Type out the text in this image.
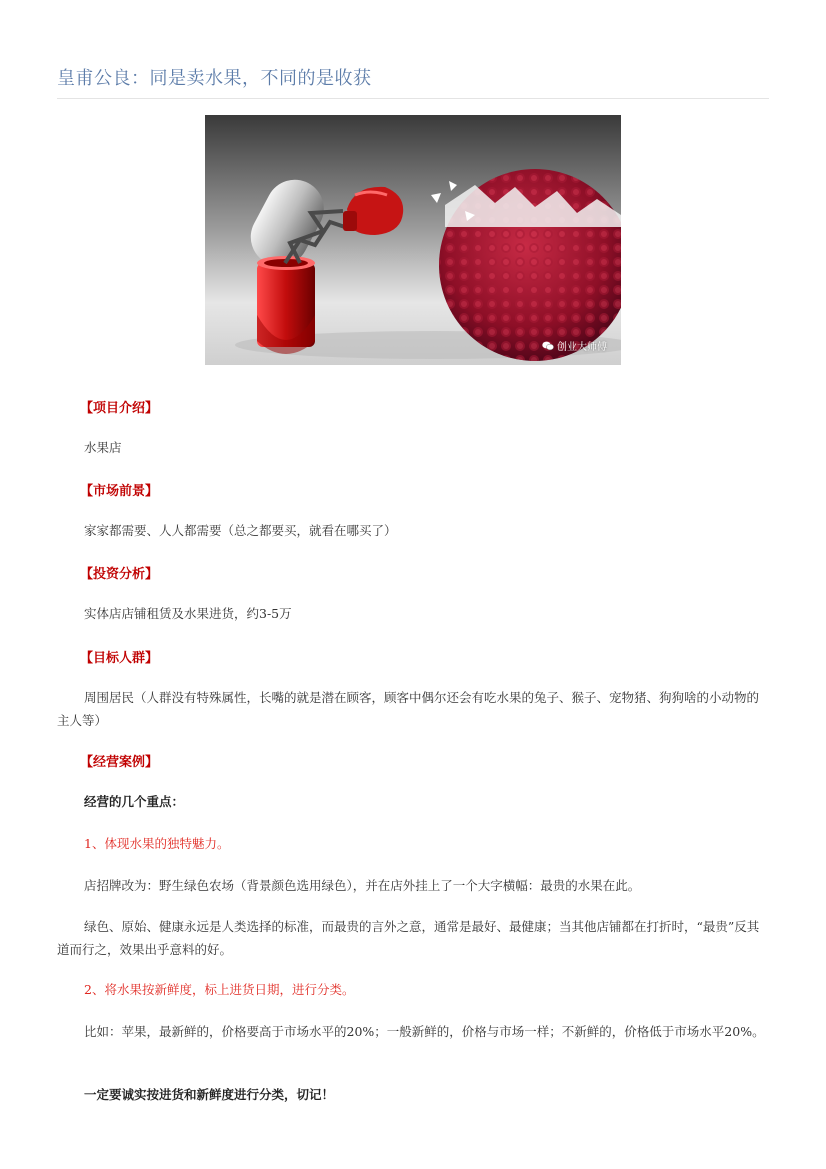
皇甫公良：同是卖水果，不同的是收获
创业大师傅
【项目介绍】
水果店
【市场前景】
家家都需要、人人都需要（总之都要买，就看在哪买了）
【投资分析】
实体店店铺租赁及水果进货，约3-5万
【目标人群】
周围居民（人群没有特殊属性，长嘴的就是潜在顾客，顾客中偶尔还会有吃水果的兔子、猴子、宠物猪、狗狗啥的小动物的主人等）
【经营案例】
经营的几个重点：
1、体现水果的独特魅力。
店招牌改为：野生绿色农场（背景颜色选用绿色），并在店外挂上了一个大字横幅：最贵的水果在此。
绿色、原始、健康永远是人类选择的标准，而最贵的言外之意，通常是最好、最健康；当其他店铺都在打折时，“最贵”反其道而行之，效果出乎意料的好。
2、将水果按新鲜度，标上进货日期，进行分类。
比如：苹果，最新鲜的，价格要高于市场水平的20%；一般新鲜的，价格与市场一样；不新鲜的，价格低于市场水平20%。
一定要诚实按进货和新鲜度进行分类，切记！
